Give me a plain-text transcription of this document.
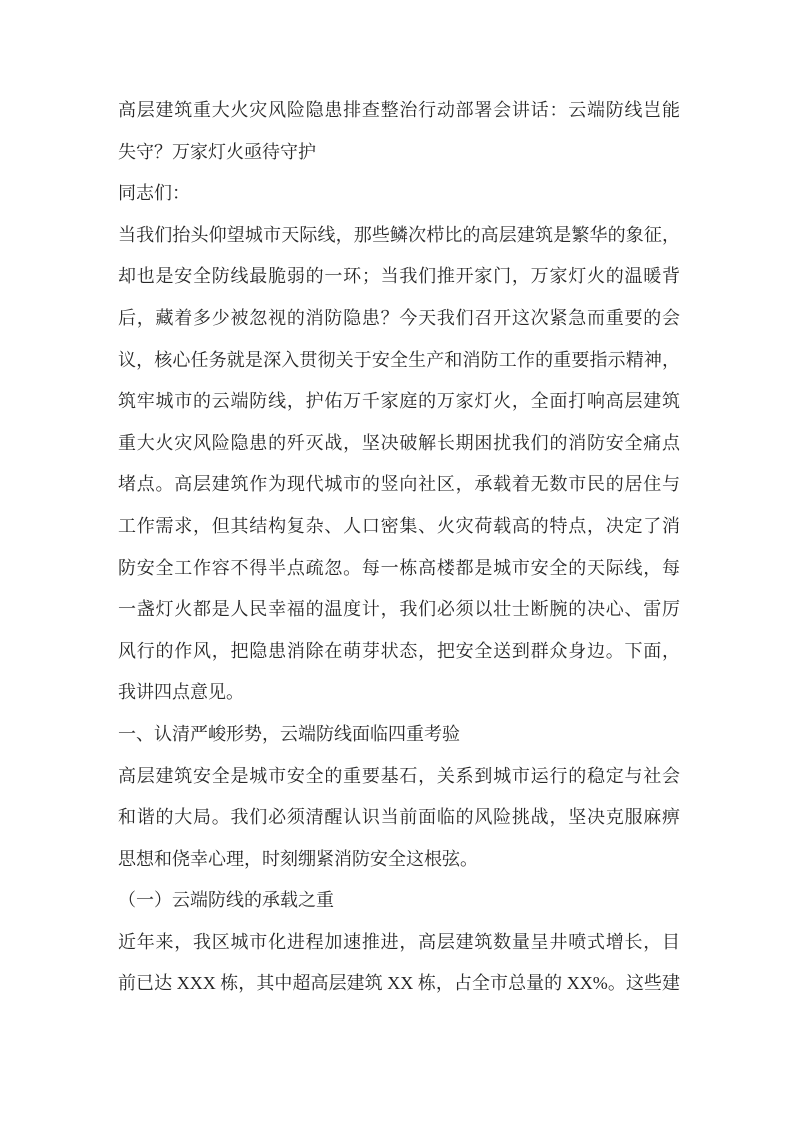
高层建筑重大火灾风险隐患排查整治行动部署会讲话：云端防线岂能
失守？万家灯火亟待守护
同志们：
当我们抬头仰望城市天际线，那些鳞次栉比的高层建筑是繁华的象征，
却也是安全防线最脆弱的一环；当我们推开家门，万家灯火的温暖背
后，藏着多少被忽视的消防隐患？今天我们召开这次紧急而重要的会
议，核心任务就是深入贯彻关于安全生产和消防工作的重要指示精神，
筑牢城市的云端防线，护佑万千家庭的万家灯火，全面打响高层建筑
重大火灾风险隐患的歼灭战，坚决破解长期困扰我们的消防安全痛点
堵点。高层建筑作为现代城市的竖向社区，承载着无数市民的居住与
工作需求，但其结构复杂、人口密集、火灾荷载高的特点，决定了消
防安全工作容不得半点疏忽。每一栋高楼都是城市安全的天际线，每
一盏灯火都是人民幸福的温度计，我们必须以壮士断腕的决心、雷厉
风行的作风，把隐患消除在萌芽状态，把安全送到群众身边。下面，
我讲四点意见。
一、认清严峻形势，云端防线面临四重考验
高层建筑安全是城市安全的重要基石，关系到城市运行的稳定与社会
和谐的大局。我们必须清醒认识当前面临的风险挑战，坚决克服麻痹
思想和侥幸心理，时刻绷紧消防安全这根弦。
（一）云端防线的承载之重
近年来，我区城市化进程加速推进，高层建筑数量呈井喷式增长，目
前已达 XXX 栋，其中超高层建筑 XX 栋，占全市总量的 XX%。这些建
